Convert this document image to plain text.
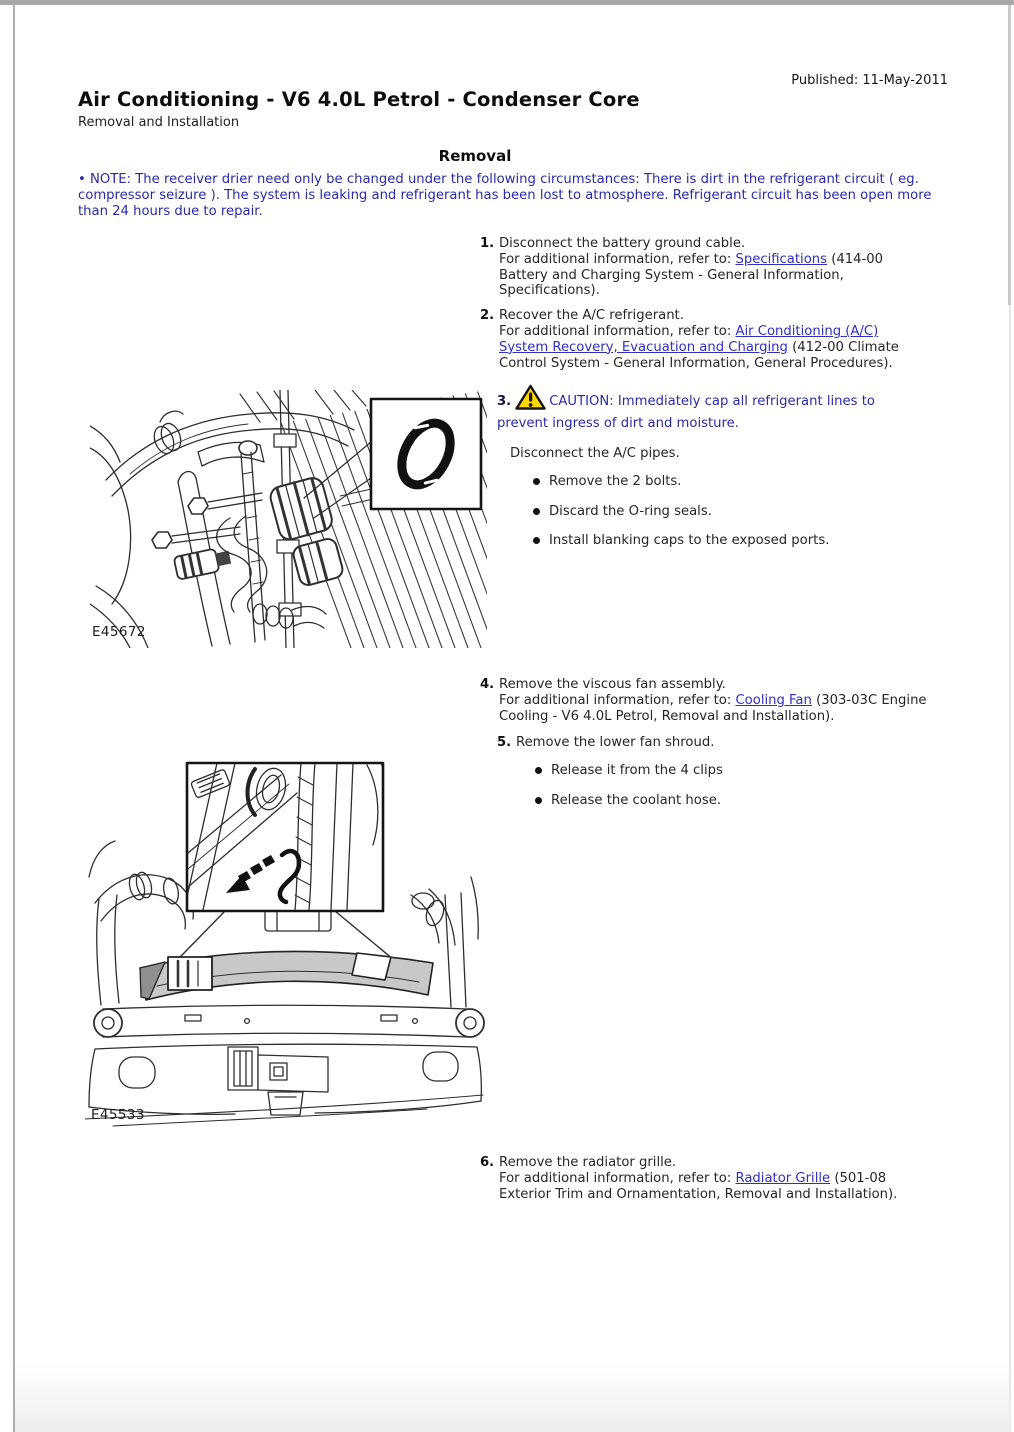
Published: 11-May-2011
Air Conditioning - V6 4.0L Petrol - Condenser Core
Removal and Installation
Removal
• NOTE: The receiver drier need only be changed under the following circumstances: There is dirt in the refrigerant circuit ( eg. compressor seizure ). The system is leaking and refrigerant has been lost to atmosphere. Refrigerant circuit has been open more than 24 hours due to repair.
1. Disconnect the battery ground cable.
For additional information, refer to: Specifications (414-00 Battery and Charging System - General Information, Specifications).
2. Recover the A/C refrigerant.
For additional information, refer to: Air Conditioning (A/C) System Recovery, Evacuation and Charging (412-00 Climate Control System - General Information, General Procedures).
3.	CAUTION: Immediately cap all refrigerant lines to prevent ingress of dirt and moisture.
Disconnect the A/C pipes.
Remove the 2 bolts.
Discard the O-ring seals.
Install blanking caps to the exposed ports.
E45672
4. Remove the viscous fan assembly.
For additional information, refer to: Cooling Fan (303-03C Engine Cooling - V6 4.0L Petrol, Removal and Installation).
5. Remove the lower fan shroud.
Release it from the 4 clips
Release the coolant hose.
E45533
6. Remove the radiator grille.
For additional information, refer to: Radiator Grille (501-08 Exterior Trim and Ornamentation, Removal and Installation).
